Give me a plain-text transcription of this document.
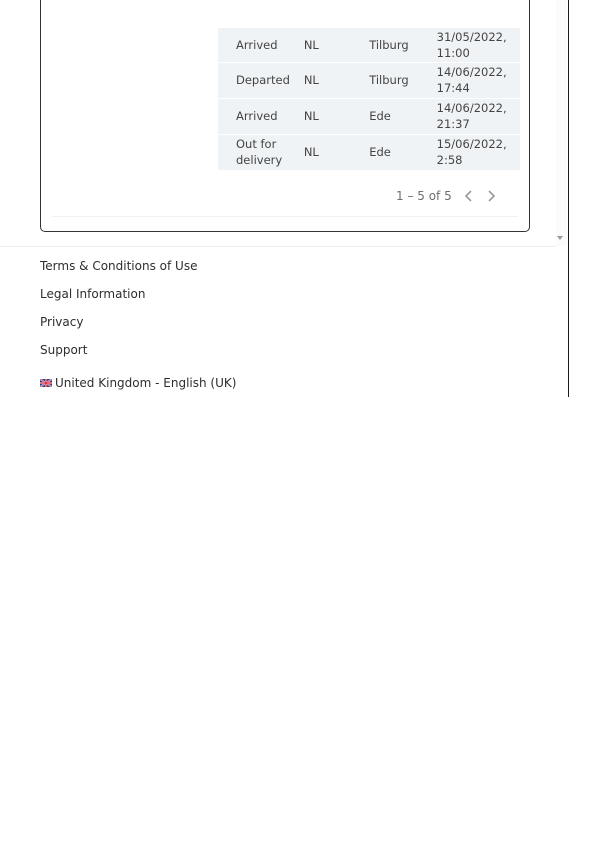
Arrived	NL	Tilburg	31/05/2022,
11:00
Departed	NL	Tilburg	14/06/2022,
17:44
Arrived	NL	Ede	14/06/2022,
21:37
Out for delivery	NL	Ede	15/06/2022,
2:58
1 – 5 of 5
Terms & Conditions of Use
Legal Information
Privacy
Support
United Kingdom - English (UK)
